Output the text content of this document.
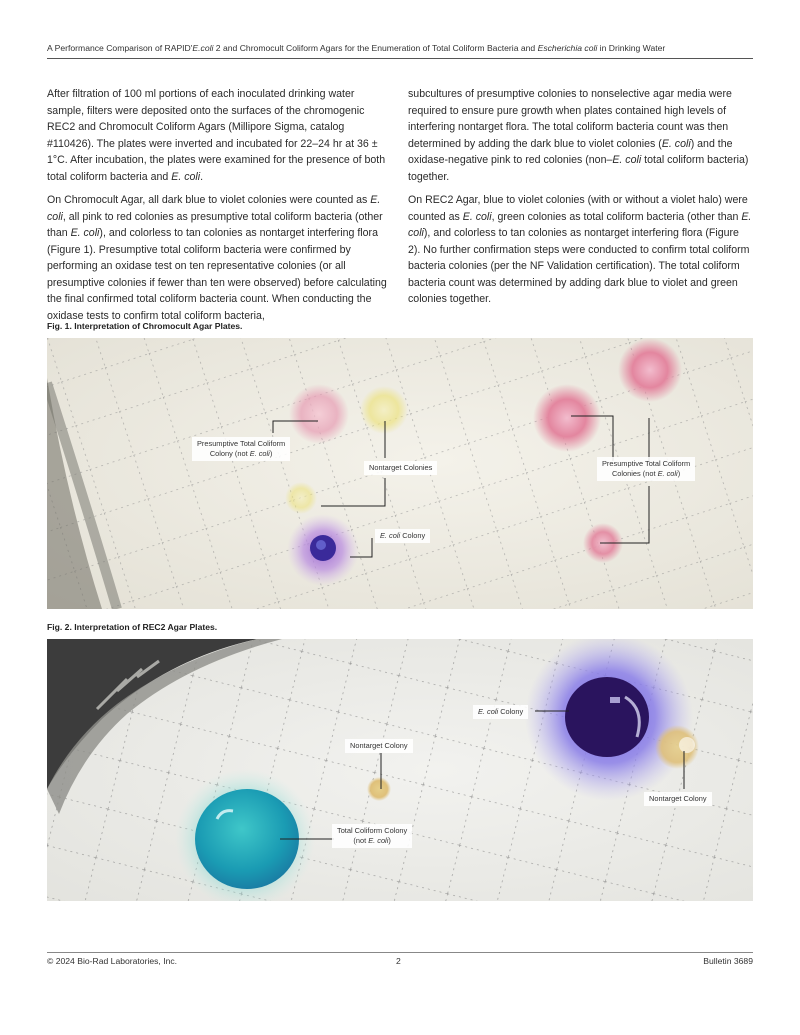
A Performance Comparison of RAPID'E.coli 2 and Chromocult Coliform Agars for the Enumeration of Total Coliform Bacteria and Escherichia coli in Drinking Water

After filtration of 100 ml portions of each inoculated drinking water sample, filters were deposited onto the surfaces of the chromogenic REC2 and Chromocult Coliform Agars (Millipore Sigma, catalog #110426). The plates were inverted and incubated for 22–24 hr at 36 ± 1°C. After incubation, the plates were examined for the presence of both total coliform bacteria and E. coli.

On Chromocult Agar, all dark blue to violet colonies were counted as E. coli, all pink to red colonies as presumptive total coliform bacteria (other than E. coli), and colorless to tan colonies as nontarget interfering flora (Figure 1). Presumptive total coliform bacteria were confirmed by performing an oxidase test on ten representative colonies (or all presumptive colonies if fewer than ten were observed) before calculating the final confirmed total coliform bacteria count. When conducting the oxidase tests to confirm total coliform bacteria,

subcultures of presumptive colonies to nonselective agar media were required to ensure pure growth when plates contained high levels of interfering nontarget flora. The total coliform bacteria count was then determined by adding the dark blue to violet colonies (E. coli) and the oxidase-negative pink to red colonies (non–E. coli total coliform bacteria) together.

On REC2 Agar, blue to violet colonies (with or without a violet halo) were counted as E. coli, green colonies as total coliform bacteria (other than E. coli), and colorless to tan colonies as nontarget interfering flora (Figure 2). No further confirmation steps were conducted to confirm total coliform bacteria colonies (per the NF Validation certification). The total coliform bacteria count was determined by adding dark blue to violet and green colonies together.

Fig. 1. Interpretation of Chromocult Agar Plates.
Presumptive Total Coliform
Colony (not E. coli)
Nontarget Colonies	Presumptive Total Coliform
Colonies (not E. coli)
E. coli Colony
Fig. 2. Interpretation of REC2 Agar Plates.
E. coli Colony
Nontarget Colony
Nontarget Colony
Total Coliform Colony
(not E. coli)
© 2024 Bio-Rad Laboratories, Inc.	2	Bulletin 3689
